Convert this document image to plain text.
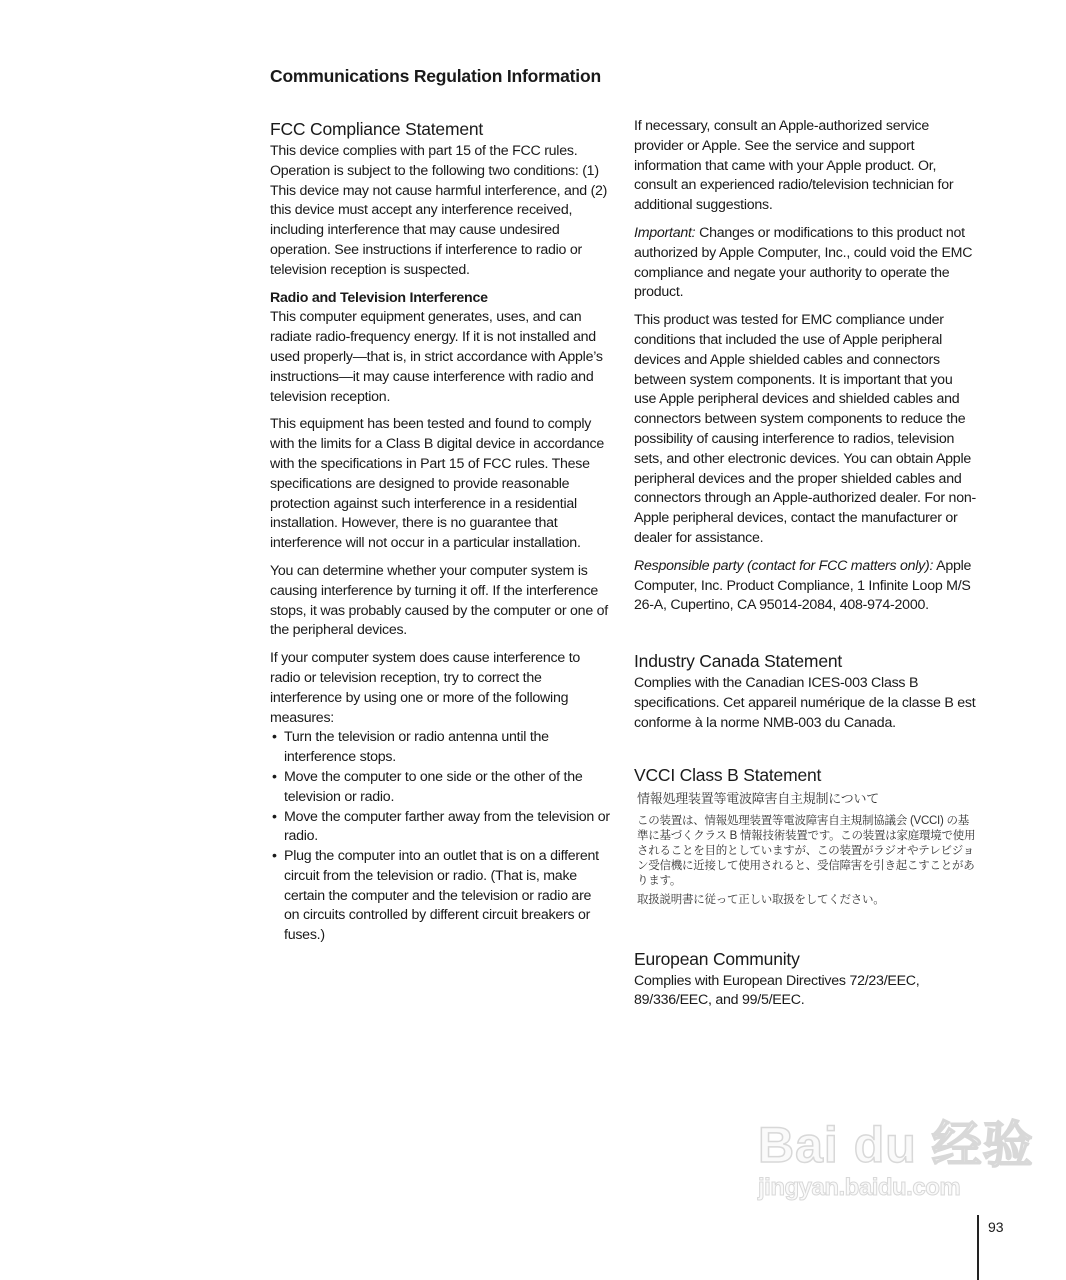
Communications Regulation Information
FCC Compliance Statement

This device complies with part 15 of the FCC rules. Operation is subject to the following two conditions: (1) This device may not cause harmful interference, and (2) this device must accept any interference received, including interference that may cause undesired operation. See instructions if interference to radio or television reception is suspected.

Radio and Television Interference

This computer equipment generates, uses, and can radiate radio-frequency energy. If it is not installed and used properly—that is, in strict accordance with Apple’s instructions—it may cause interference with radio and television reception.

This equipment has been tested and found to comply with the limits for a Class B digital device in accordance with the specifications in Part 15 of FCC rules. These specifications are designed to provide reasonable protection against such interference in a residential installation. However, there is no guarantee that interference will not occur in a particular installation.

You can determine whether your computer system is causing interference by turning it off. If the interference stops, it was probably caused by the computer or one of the peripheral devices.

If your computer system does cause interference to radio or television reception, try to correct the interference by using one or more of the following measures:

• Turn the television or radio antenna until the interference stops.
• Move the computer to one side or the other of the television or radio.
• Move the computer farther away from the television or radio.
• Plug the computer into an outlet that is on a different circuit from the television or radio. (That is, make certain the computer and the television or radio are on circuits controlled by different circuit breakers or fuses.)

If necessary, consult an Apple-authorized service provider or Apple. See the service and support information that came with your Apple product. Or, consult an experienced radio/television technician for additional suggestions.

Important: Changes or modifications to this product not authorized by Apple Computer, Inc., could void the EMC compliance and negate your authority to operate the product.

This product was tested for EMC compliance under conditions that included the use of Apple peripheral devices and Apple shielded cables and connectors between system components. It is important that you use Apple peripheral devices and shielded cables and connectors between system components to reduce the possibility of causing interference to radios, television sets, and other electronic devices. You can obtain Apple peripheral devices and the proper shielded cables and connectors through an Apple-authorized dealer. For non-Apple peripheral devices, contact the manufacturer or dealer for assistance.

Responsible party (contact for FCC matters only): Apple Computer, Inc. Product Compliance, 1 Infinite Loop M/S 26-A, Cupertino, CA 95014-2084, 408-974-2000.

Industry Canada Statement

Complies with the Canadian ICES-003 Class B specifications. Cet appareil numérique de la classe B est conforme à la norme NMB-003 du Canada.

VCCI Class B Statement
情報処理装置等電波障害自主規制について
この装置は、情報処理装置等電波障害自主規制協議会 (VCCI) の基準に基づくクラス B 情報技術装置です。この装置は家庭環境で使用されることを目的としていますが、この装置がラジオやテレビジョン受信機に近接して使用されると、受信障害を引き起こすことがあります。
取扱説明書に従って正しい取扱をしてください。
European Community

Complies with European Directives 72/23/EEC, 89/336/EEC, and 99/5/EEC.

Bai du 经验
jingyan.baidu.com
93
